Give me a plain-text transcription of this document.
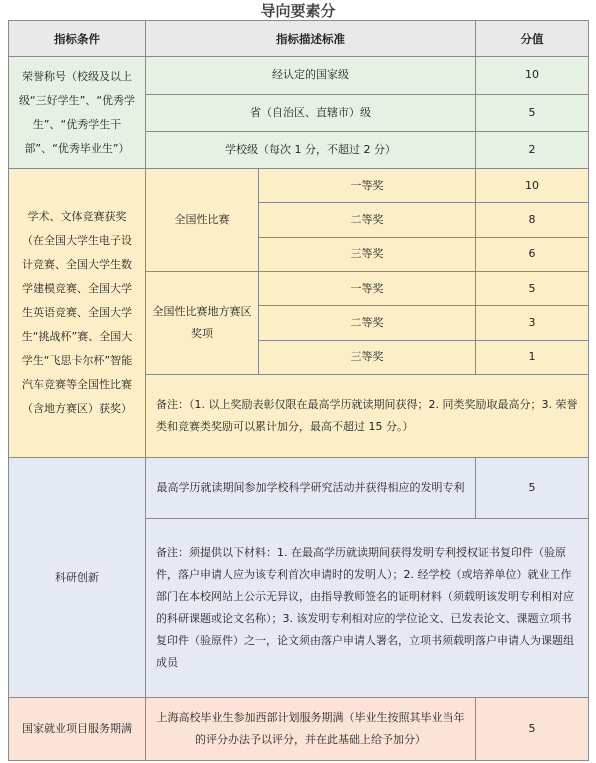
导向要素分
指标条件	指标描述标准		分值
荣誉称号（校级及以上级“三好学生”、“优秀学生”、“优秀学生干部”、“优秀毕业生”）	经认定的国家级		10
	省（自治区、直辖市）级		5
	学校级（每次 1 分，不超过 2 分）		2
学术、文体竞赛获奖（在全国大学生电子设计竞赛、全国大学生数学建模竞赛、全国大学生英语竞赛、全国大学生“挑战杯”赛、全国大学生“飞思卡尔杯”智能汽车竞赛等全国性比赛（含地方赛区）获奖）	全国性比赛	一等奖	10
		二等奖	8
		三等奖	6
	全国性比赛地方赛区奖项	一等奖	5
		二等奖	3
		三等奖	1
	备注：（1. 以上奖励表彰仅限在最高学历就读期间获得；2. 同类奖励取最高分；3. 荣誉类和竞赛类奖励可以累计加分，最高不超过 15 分。）		
科研创新	最高学历就读期间参加学校科学研究活动并获得相应的发明专利		5
	备注：须提供以下材料：1. 在最高学历就读期间获得发明专利授权证书复印件（验原件，落户申请人应为该专利首次申请时的发明人）；2. 经学校（或培养单位）就业工作部门在本校网站上公示无异议，由指导教师签名的证明材料（须载明该发明专利相对应的科研课题或论文名称）；3. 该发明专利相对应的学位论文、已发表论文、课题立项书复印件（验原件）之一，论文须由落户申请人署名，立项书须载明落户申请人为课题组成员		
国家就业项目服务期满	上海高校毕业生参加西部计划服务期满（毕业生按照其毕业当年的评分办法予以评分，并在此基础上给予加分）		5
